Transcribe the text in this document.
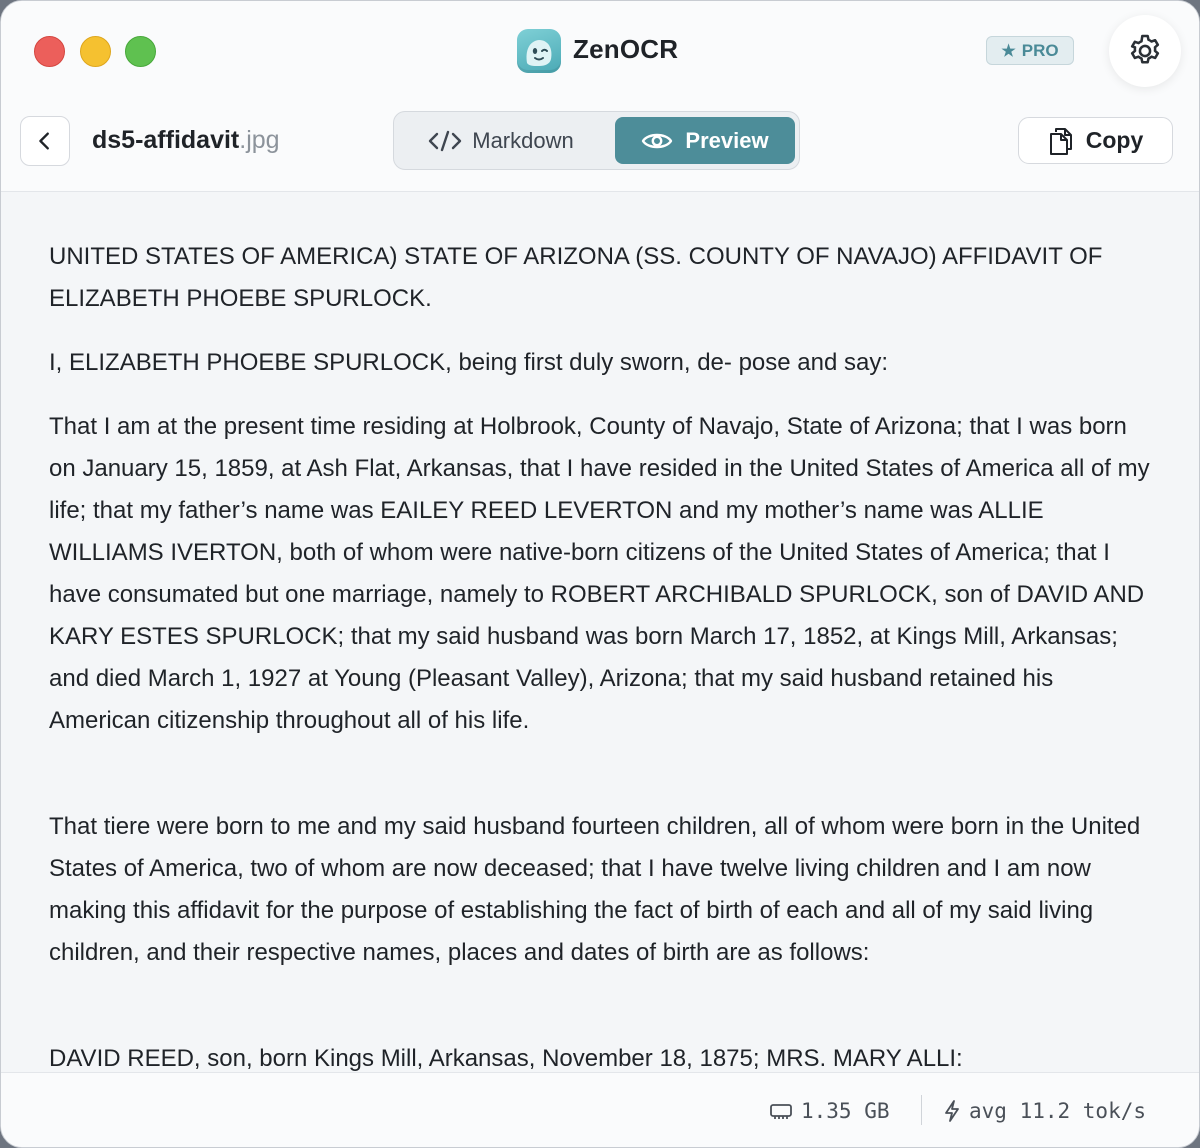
ZenOCR	★ PRO
ds5-affidavit.jpg	Markdown	Preview	Copy

UNITED STATES OF AMERICA) STATE OF ARIZONA (SS. COUNTY OF NAVAJO) AFFIDAVIT OF ELIZABETH PHOEBE SPURLOCK.

I, ELIZABETH PHOEBE SPURLOCK, being first duly sworn, de- pose and say:

That I am at the present time residing at Holbrook, County of Navajo, State of Arizona; that I was born on January 15, 1859, at Ash Flat, Arkansas, that I have resided in the United States of America all of my life; that my father’s name was EAILEY REED LEVERTON and my mother’s name was ALLIE WILLIAMS IVERTON, both of whom were native-born citizens of the United States of America; that I have consumated but one marriage, namely to ROBERT ARCHIBALD SPURLOCK, son of DAVID AND KARY ESTES SPURLOCK; that my said husband was born March 17, 1852, at Kings Mill, Arkansas; and died March 1, 1927 at Young (Pleasant Valley), Arizona; that my said husband retained his American citizenship throughout all of his life.

That tiere were born to me and my said husband fourteen children, all of whom were born in the United States of America, two of whom are now deceased; that I have twelve living children and I am now making this affidavit for the purpose of establishing the fact of birth of each and all of my said living children, and their respective names, places and dates of birth are as follows:

DAVID REED, son, born Kings Mill, Arkansas, November 18, 1875; MRS. MARY ALLI:

1.35 GB	avg 11.2 tok/s
